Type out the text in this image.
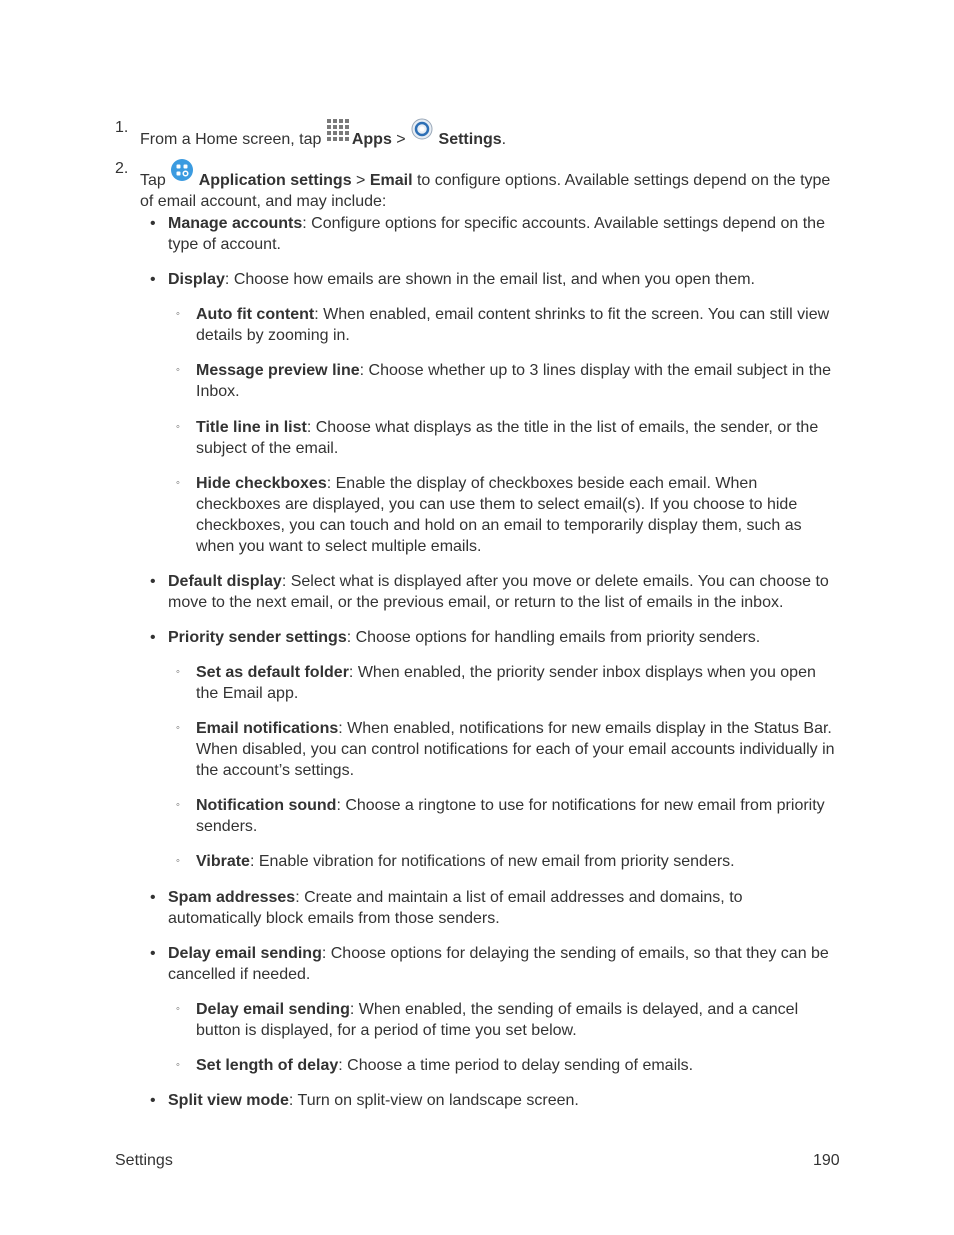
1.
From a Home screen, tap Apps >  Settings.
2.
Tap  Application settings > Email to configure options. Available settings depend on the type of email account, and may include:
• Manage accounts: Configure options for specific accounts. Available settings depend on the type of account.
• Display: Choose how emails are shown in the email list, and when you open them.
◦ Auto fit content: When enabled, email content shrinks to fit the screen. You can still view details by zooming in.
◦ Message preview line: Choose whether up to 3 lines display with the email subject in the Inbox.
◦ Title line in list: Choose what displays as the title in the list of emails, the sender, or the subject of the email.
◦ Hide checkboxes: Enable the display of checkboxes beside each email. When checkboxes are displayed, you can use them to select email(s). If you choose to hide checkboxes, you can touch and hold on an email to temporarily display them, such as when you want to select multiple emails.
• Default display: Select what is displayed after you move or delete emails. You can choose to move to the next email, or the previous email, or return to the list of emails in the inbox.
• Priority sender settings: Choose options for handling emails from priority senders.
◦ Set as default folder: When enabled, the priority sender inbox displays when you open the Email app.
◦ Email notifications: When enabled, notifications for new emails display in the Status Bar. When disabled, you can control notifications for each of your email accounts individually in the account’s settings.
◦ Notification sound: Choose a ringtone to use for notifications for new email from priority senders.
◦ Vibrate: Enable vibration for notifications of new email from priority senders.
• Spam addresses: Create and maintain a list of email addresses and domains, to automatically block emails from those senders.
• Delay email sending: Choose options for delaying the sending of emails, so that they can be cancelled if needed.
◦ Delay email sending: When enabled, the sending of emails is delayed, and a cancel button is displayed, for a period of time you set below.
◦ Set length of delay: Choose a time period to delay sending of emails.
• Split view mode: Turn on split-view on landscape screen.
Settings	190
